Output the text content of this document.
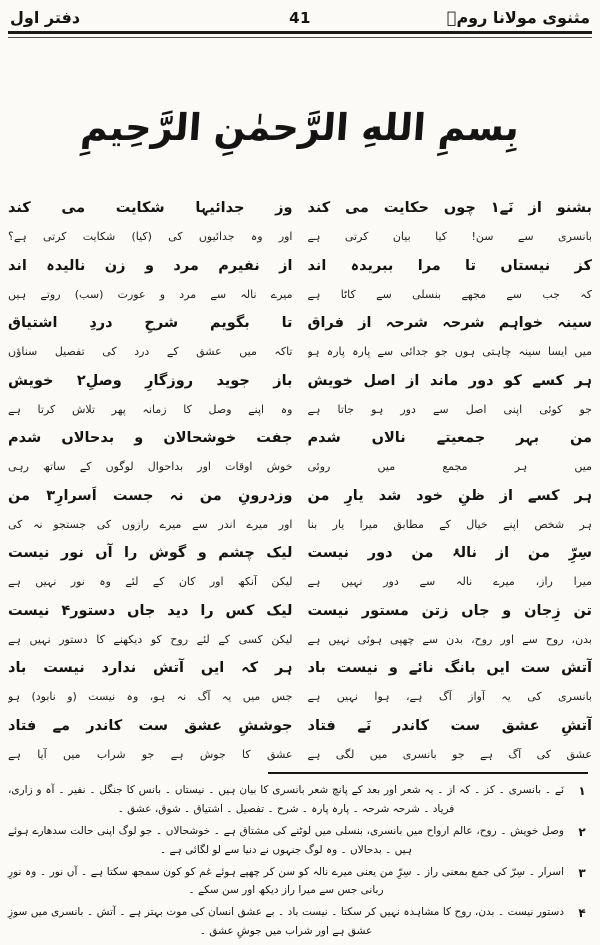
مثنوی مولانا رومؒ
41
دفتر اول
بِسمِ اللهِ الرَّحمٰنِ الرَّحِيمِ
بشنو از نَے۱ چوں حکایت می کند
بانسری سے سن! کیا بیان کرتی ہے
کز نیستاں تا مرا ببریدہ اند
کہ جب سے مجھے بنسلی سے کاٹا ہے
سینہ خواہم شرحہ شرحہ از فراق
میں ایسا سینہ چاہتی ہوں جو جدائی سے پارہ پارہ ہو
ہر کسے کو دور ماند از اصل خویش
جو کوئی اپنی اصل سے دور ہو جاتا ہے
من بہر جمعیتے نالاں شدم
میں ہر مجمع میں روئی
ہر کسے از ظنِ خود شد یارِ من
ہر شخص اپنے خیال کے مطابق میرا یار بنا
سِرِّ من از نالۂ من دور نیست
میرا راز، میرے نالہ سے دور نہیں ہے
تن زِجان و جاں زتن مستور نیست
بدن، روح سے اور روح، بدن سے چھپی ہوئی نہیں ہے
آتش ست ایں بانگ نائے و نیست باد
بانسری کی یہ آواز آگ ہے، ہوا نہیں ہے
آتشِ عشق ست کاندر نَے فتاد
عشق کی آگ ہے جو بانسری میں لگی ہے
وز جدائیہا شکایت می کند
اور وہ جدائیوں کی (کیا) شکایت کرتی ہے؟
از نفیرم مرد و زن نالیدہ اند
میرے نالہ سے مرد و عورت (سب) روتے ہیں
تا بگویم شرحِ دردِ اشتیاق
تاکہ میں عشق کے درد کی تفصیل سناؤں
باز جوید روزگارِ وصلِ۲ خویش
وہ اپنے وصل کا زمانہ پھر تلاش کرتا ہے
جفت خوشحالان و بدحالاں شدم
خوش اوقات اور بداحوال لوگوں کے ساتھ رہی
وزدرونِ من نہ جست اَسرارِ۳ من
اور میرے اندر سے میرے رازوں کی جستجو نہ کی
لیک چشم و گوش را آں نور نیست
لیکن آنکھ اور کان کے لئے وہ نور نہیں ہے
لیک کس را دید جاں دستور۴ نیست
لیکن کسی کے لئے روح کو دیکھنے کا دستور نہیں ہے
ہر کہ ایں آتش ندارد نیست باد
جس میں یہ آگ نہ ہو، وہ نیست (و نابود) ہو
جوششِ عشق ست کاندر مے فتاد
عشق کا جوش ہے جو شراب میں آیا ہے
۱
نَے ۔ بانسری ۔ کز ۔ کہ از ۔ یہ شعر اور بعد کے پانچ شعر بانسری کا بیان ہیں ۔ نیستاں ۔ بانس کا جنگل ۔ نفیر ۔ آہ و زاری، فریاد ۔ شرحہ شرحہ ۔ پارہ پارہ ۔ شرح ۔ تفصیل ۔ اشتیاق ۔ شوق، عشق ۔
۲
وصل خویش ۔ روح، عالم ارواح میں بانسری، بنسلی میں لوٹنے کی مشتاق ہے ۔ خوشحالاں ۔ جو لوگ اپنی حالت سدھارے ہوئے ہیں ۔ بدحالاں ۔ وہ لوگ جنہوں نے دنیا سے لو لگائی ہے ۔
۳
اسرار ۔ سِرّ کی جمع بمعنی راز ۔ سِرِّ من یعنی میرے نالہ کو سن کر چھپے ہوئے غم کو کون سمجھ سکتا ہے ۔ آں نور ۔ وہ نورِ ربانی جس سے میرا راز دیکھ اور سن سکے ۔
۴
دستور نیست ۔ بدن، روح کا مشاہدہ نہیں کر سکتا ۔ نیست باد ۔ بے عشق انسان کی موت بہتر ہے ۔ آتش ۔ بانسری میں سوزِ عشق ہے اور شراب میں جوشِ عشق ۔
